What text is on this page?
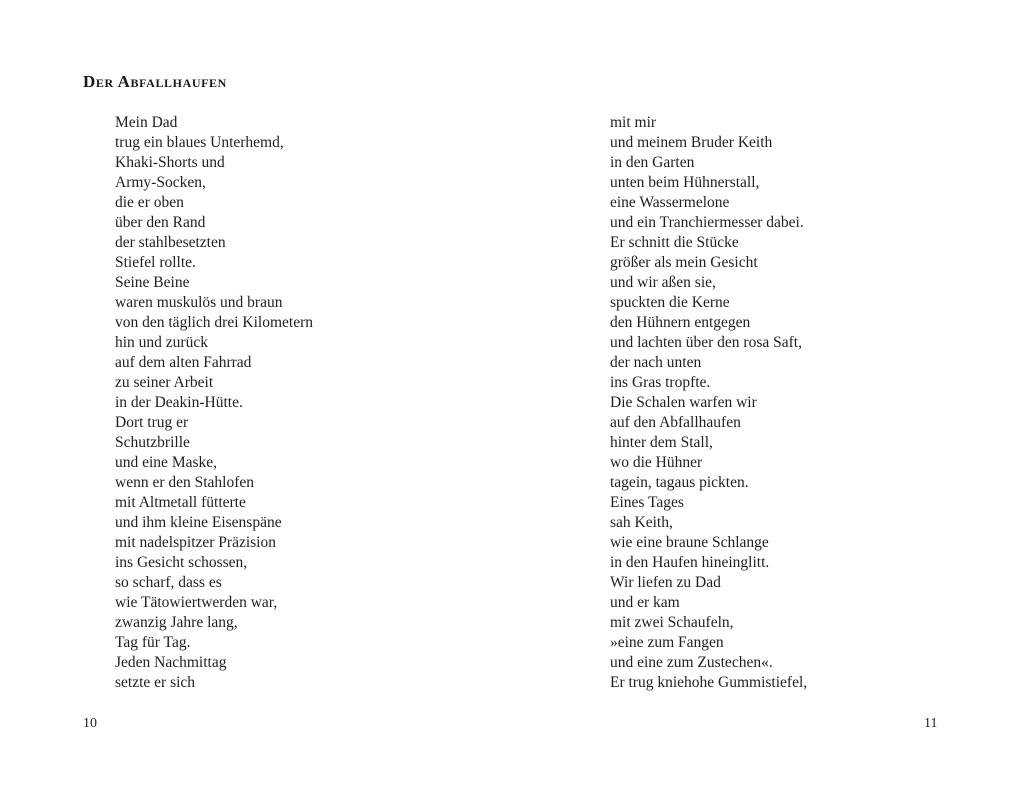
Der Abfallhaufen
Mein Dad
trug ein blaues Unterhemd,
Khaki-Shorts und
Army-Socken,
die er oben
über den Rand
der stahlbesetzten
Stiefel rollte.
Seine Beine
waren muskulös und braun
von den täglich drei Kilometern
hin und zurück
auf dem alten Fahrrad
zu seiner Arbeit
in der Deakin-Hütte.
Dort trug er
Schutzbrille
und eine Maske,
wenn er den Stahlofen
mit Altmetall fütterte
und ihm kleine Eisenspäne
mit nadelspitzer Präzision
ins Gesicht schossen,
so scharf, dass es
wie Tätowiertwerden war,
zwanzig Jahre lang,
Tag für Tag.
Jeden Nachmittag
setzte er sich
mit mir
und meinem Bruder Keith
in den Garten
unten beim Hühnerstall,
eine Wassermelone
und ein Tranchiermesser dabei.
Er schnitt die Stücke
größer als mein Gesicht
und wir aßen sie,
spuckten die Kerne
den Hühnern entgegen
und lachten über den rosa Saft,
der nach unten
ins Gras tropfte.
Die Schalen warfen wir
auf den Abfallhaufen
hinter dem Stall,
wo die Hühner
tagein, tagaus pickten.
Eines Tages
sah Keith,
wie eine braune Schlange
in den Haufen hineinglitt.
Wir liefen zu Dad
und er kam
mit zwei Schaufeln,
»eine zum Fangen
und eine zum Zustechen«.
Er trug kniehohe Gummistiefel,
10	11
